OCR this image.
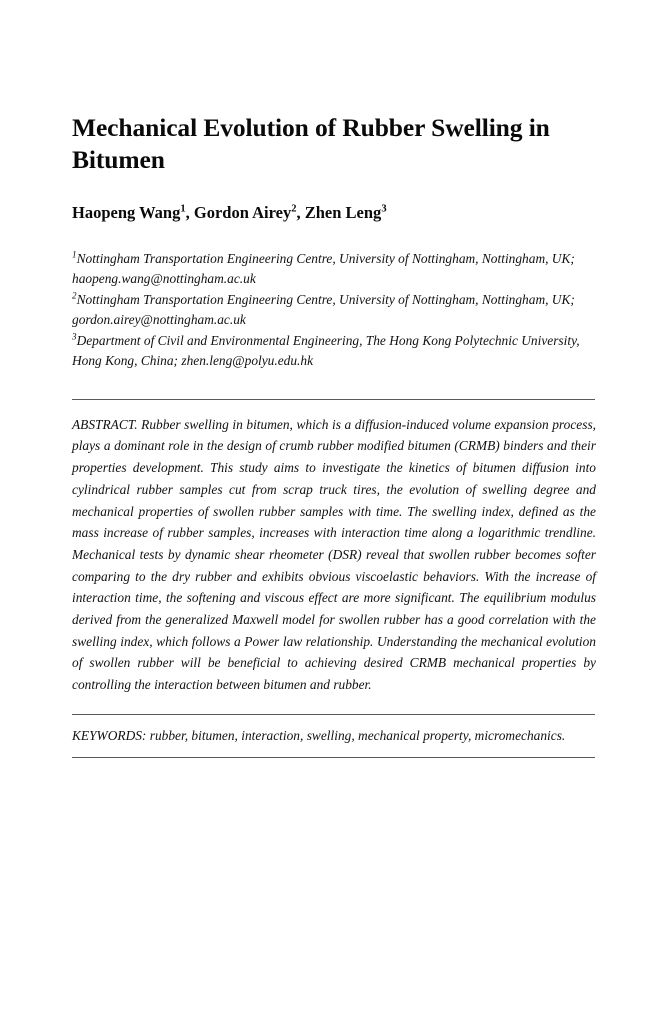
Mechanical Evolution of Rubber Swelling in Bitumen
Haopeng Wang$^1$, Gordon Airey$^2$, Zhen Leng$^3$
$^1$Nottingham Transportation Engineering Centre, University of Nottingham, Nottingham, UK; haopeng.wang@nottingham.ac.uk
$^2$Nottingham Transportation Engineering Centre, University of Nottingham, Nottingham, UK; gordon.airey@nottingham.ac.uk
$^3$Department of Civil and Environmental Engineering, The Hong Kong Polytechnic University, Hong Kong, China; zhen.leng@polyu.edu.hk

ABSTRACT. Rubber swelling in bitumen, which is a diffusion-induced volume expansion process, plays a dominant role in the design of crumb rubber modified bitumen (CRMB) binders and their properties development. This study aims to investigate the kinetics of bitumen diffusion into cylindrical rubber samples cut from scrap truck tires, the evolution of swelling degree and mechanical properties of swollen rubber samples with time. The swelling index, defined as the mass increase of rubber samples, increases with interaction time along a logarithmic trendline. Mechanical tests by dynamic shear rheometer (DSR) reveal that swollen rubber becomes softer comparing to the dry rubber and exhibits obvious viscoelastic behaviors. With the increase of interaction time, the softening and viscous effect are more significant. The equilibrium modulus derived from the generalized Maxwell model for swollen rubber has a good correlation with the swelling index, which follows a Power law relationship. Understanding the mechanical evolution of swollen rubber will be beneficial to achieving desired CRMB mechanical properties by controlling the interaction between bitumen and rubber.

KEYWORDS: rubber, bitumen, interaction, swelling, mechanical property, micromechanics.
